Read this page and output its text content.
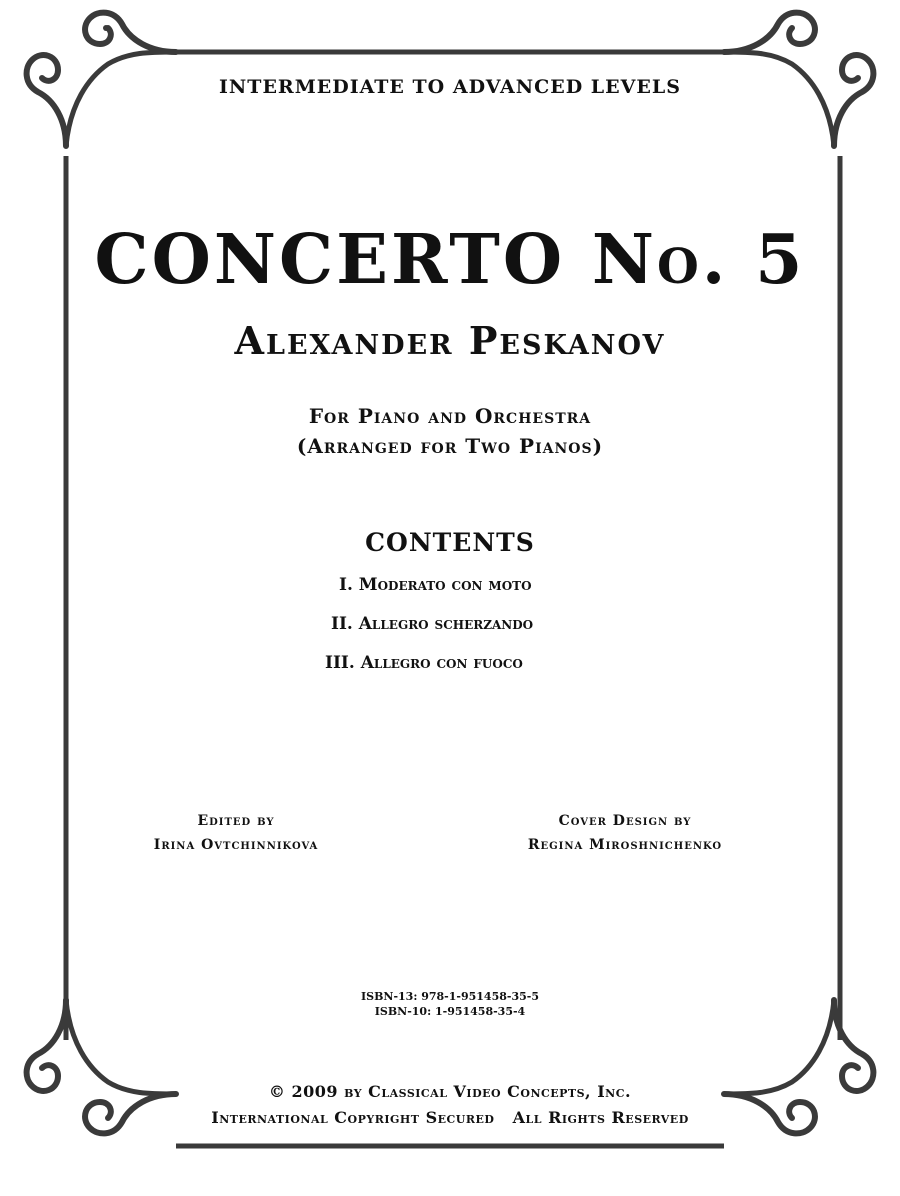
INTERMEDIATE TO ADVANCED LEVELS
CONCERTO No. 5
Alexander Peskanov
For Piano and Orchestra
(Arranged for Two Pianos)
CONTENTS
I. Moderato con moto
II. Allegro scherzando
III. Allegro con fuoco
Edited by
Irina Ovtchinnikova
Cover Design by
Regina Miroshnichenko
ISBN-13: 978-1-951458-35-5
ISBN-10: 1-951458-35-4
© 2009 by Classical Video Concepts, Inc.
International Copyright Secured   All Rights Reserved
